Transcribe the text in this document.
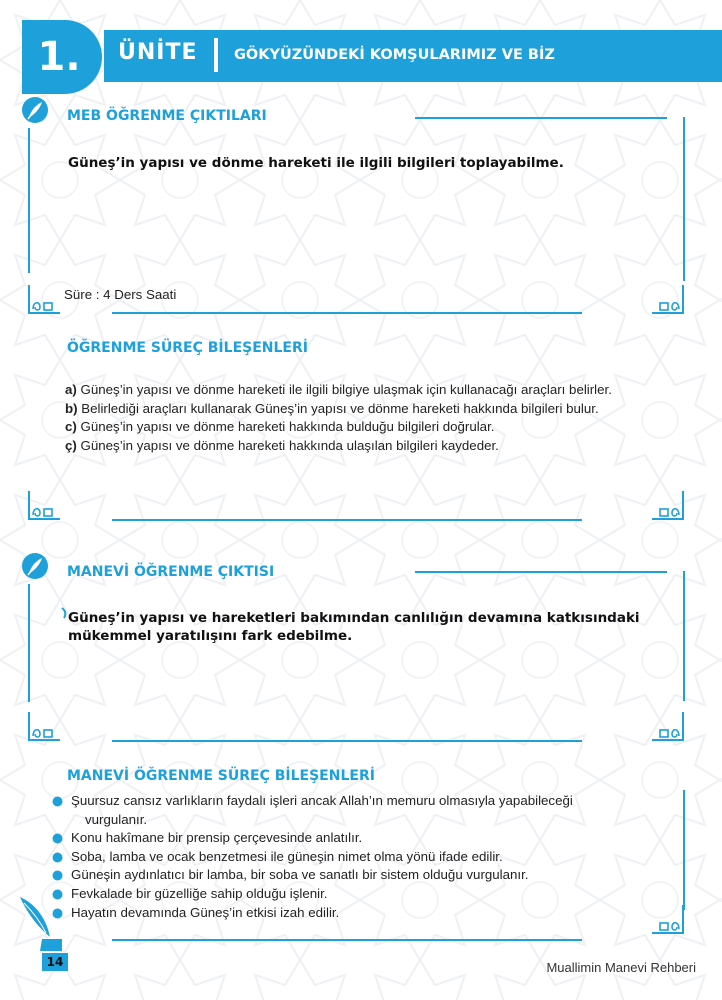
1.	ÜNİTE	GÖKYÜZÜNDEKİ KOMŞULARIMIZ VE BİZ
MEB ÖĞRENME ÇIKTILARI
Güneş’in yapısı ve dönme hareketi ile ilgili bilgileri toplayabilme.
Süre : 4 Ders Saati
ÖĞRENME SÜREÇ BİLEŞENLERİ
a) Güneş’in yapısı ve dönme hareketi ile ilgili bilgiye ulaşmak için kullanacağı araçları belirler.
b) Belirlediği araçları kullanarak Güneş’in yapısı ve dönme hareketi hakkında bilgileri bulur.
c) Güneş’in yapısı ve dönme hareketi hakkında bulduğu bilgileri doğrular.
ç) Güneş’in yapısı ve dönme hareketi hakkında ulaşılan bilgileri kaydeder.
MANEVİ ÖĞRENME ÇIKTISI
Güneş’in yapısı ve hareketleri bakımından canlılığın devamına katkısındaki
mükemmel yaratılışını fark edebilme.
MANEVİ ÖĞRENME SÜREÇ BİLEŞENLERİ
Şuursuz cansız varlıkların faydalı işleri ancak Allah’ın memuru olmasıyla yapabileceği
vurgulanır.
Konu hakîmane bir prensip çerçevesinde anlatılır.
Soba, lamba ve ocak benzetmesi ile güneşin nimet olma yönü ifade edilir.
Güneşin aydınlatıcı bir lamba, bir soba ve sanatlı bir sistem olduğu vurgulanır.
Fevkalade bir güzelliğe sahip olduğu işlenir.
Hayatın devamında Güneş’in etkisi izah edilir.
14	Muallimin Manevi Rehberi
